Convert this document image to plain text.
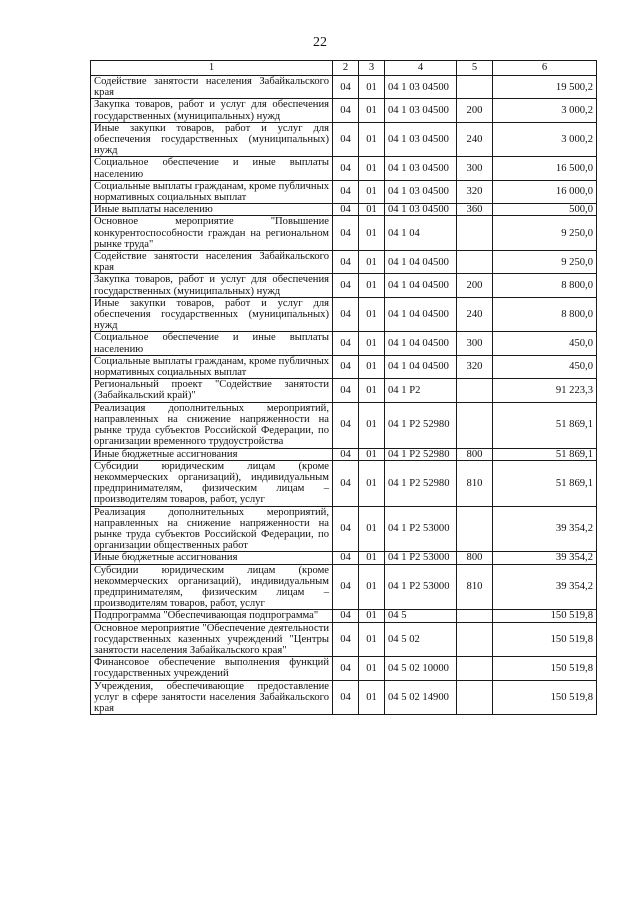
22
1	2	3	4	5	6
Содействие занятости населения Забайкальского края	04	01	04 1 03 04500		19 500,2
Закупка товаров, работ и услуг для обеспечения государственных (муниципальных) нужд	04	01	04 1 03 04500	200	3 000,2
Иные закупки товаров, работ и услуг для обеспечения государственных (муниципальных) нужд	04	01	04 1 03 04500	240	3 000,2
Социальное обеспечение и иные выплаты населению	04	01	04 1 03 04500	300	16 500,0
Социальные выплаты гражданам, кроме публичных нормативных социальных выплат	04	01	04 1 03 04500	320	16 000,0
Иные выплаты населению	04	01	04 1 03 04500	360	500,0
Основное мероприятие "Повышение конкурентоспособности граждан на региональном рынке труда"	04	01	04 1 04		9 250,0
Содействие занятости населения Забайкальского края	04	01	04 1 04 04500		9 250,0
Закупка товаров, работ и услуг для обеспечения государственных (муниципальных) нужд	04	01	04 1 04 04500	200	8 800,0
Иные закупки товаров, работ и услуг для обеспечения государственных (муниципальных) нужд	04	01	04 1 04 04500	240	8 800,0
Социальное обеспечение и иные выплаты населению	04	01	04 1 04 04500	300	450,0
Социальные выплаты гражданам, кроме публичных нормативных социальных выплат	04	01	04 1 04 04500	320	450,0
Региональный проект "Содействие занятости (Забайкальский край)"	04	01	04 1 P2		91 223,3
Реализация дополнительных мероприятий, направленных на снижение напряженности на рынке труда субъектов Российской Федерации, по организации временного трудоустройства	04	01	04 1 P2 52980		51 869,1
Иные бюджетные ассигнования	04	01	04 1 P2 52980	800	51 869,1
Субсидии юридическим лицам (кроме некоммерческих организаций), индивидуальным предпринимателям, физическим лицам – производителям товаров, работ, услуг	04	01	04 1 P2 52980	810	51 869,1
Реализация дополнительных мероприятий, направленных на снижение напряженности на рынке труда субъектов Российской Федерации, по организации общественных работ	04	01	04 1 P2 53000		39 354,2
Иные бюджетные ассигнования	04	01	04 1 P2 53000	800	39 354,2
Субсидии юридическим лицам (кроме некоммерческих организаций), индивидуальным предпринимателям, физическим лицам – производителям товаров, работ, услуг	04	01	04 1 P2 53000	810	39 354,2
Подпрограмма "Обеспечивающая подпрограмма"	04	01	04 5		150 519,8
Основное мероприятие "Обеспечение деятельности государственных казенных учреждений "Центры занятости населения Забайкальского края"	04	01	04 5 02		150 519,8
Финансовое обеспечение выполнения функций государственных учреждений	04	01	04 5 02 10000		150 519,8
Учреждения, обеспечивающие предоставление услуг в сфере занятости населения Забайкальского края	04	01	04 5 02 14900		150 519,8
